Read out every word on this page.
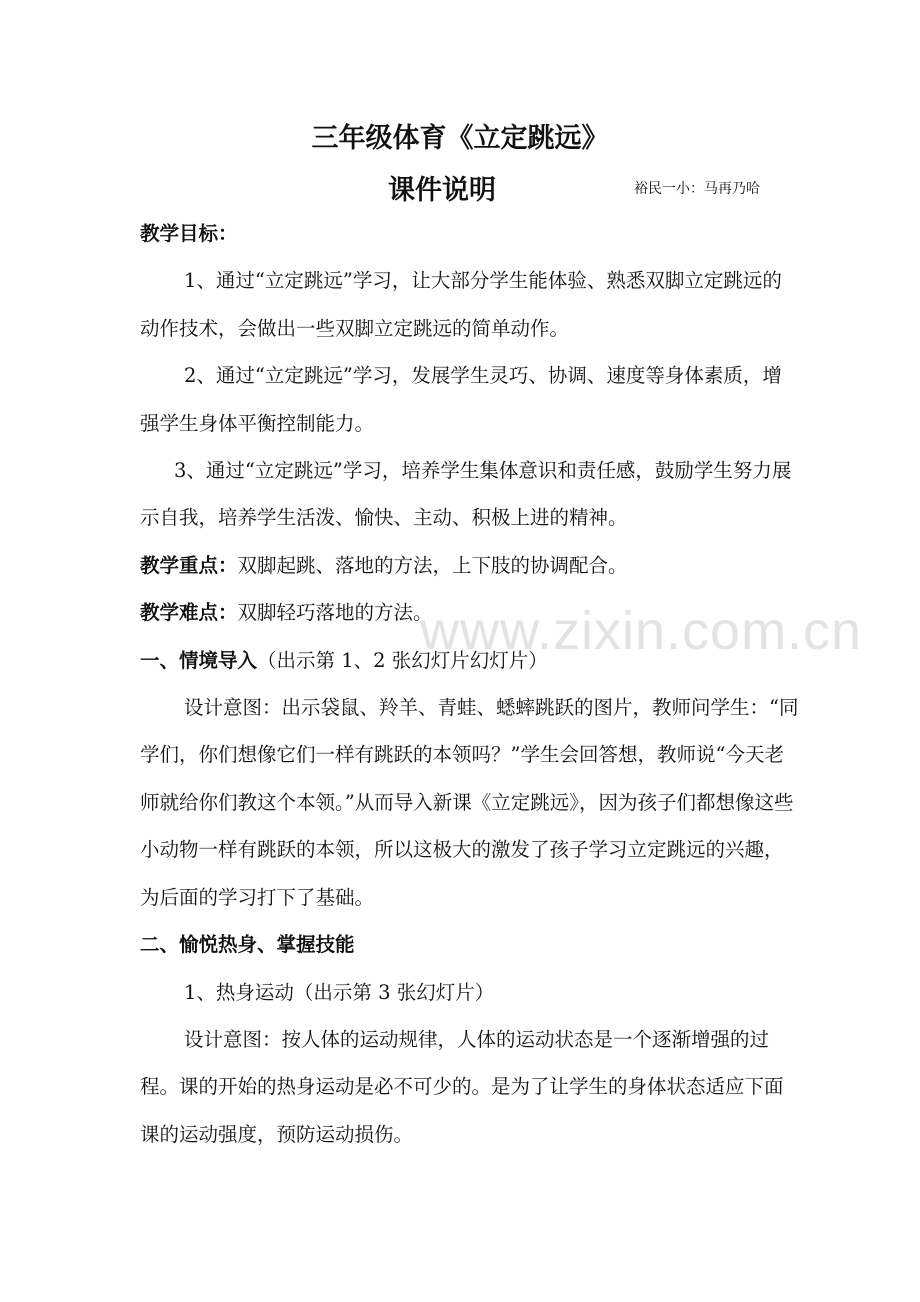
www.zixin.com.cn
三年级体育《立定跳远》
课件说明	裕民一小：马再乃哈

教学目标：

1、通过“立定跳远”学习，让大部分学生能体验、熟悉双脚立定跳远的动作技术，会做出一些双脚立定跳远的简单动作。

2、通过“立定跳远”学习，发展学生灵巧、协调、速度等身体素质，增强学生身体平衡控制能力。

3、通过“立定跳远”学习，培养学生集体意识和责任感，鼓励学生努力展示自我，培养学生活泼、愉快、主动、积极上进的精神。

教学重点：双脚起跳、落地的方法，上下肢的协调配合。

教学难点：双脚轻巧落地的方法。

一、情境导入（出示第 1、2 张幻灯片幻灯片）

设计意图：出示袋鼠、羚羊、青蛙、蟋蟀跳跃的图片，教师问学生：“同学们，你们想像它们一样有跳跃的本领吗？”学生会回答想，教师说“今天老师就给你们教这个本领。”从而导入新课《立定跳远》，因为孩子们都想像这些小动物一样有跳跃的本领，所以这极大的激发了孩子学习立定跳远的兴趣，为后面的学习打下了基础。

二、愉悦热身、掌握技能

1、热身运动（出示第 3 张幻灯片）

设计意图：按人体的运动规律，人体的运动状态是一个逐渐增强的过程。课的开始的热身运动是必不可少的。是为了让学生的身体状态适应下面课的运动强度，预防运动损伤。
